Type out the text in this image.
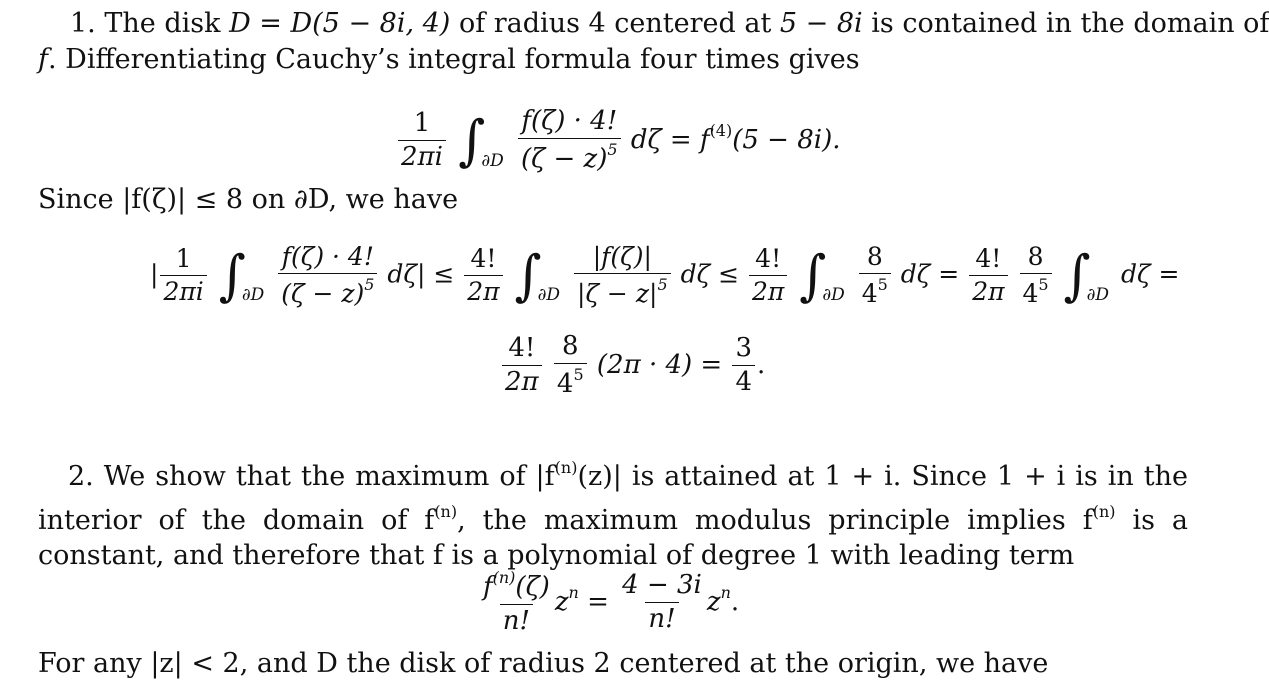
1. The disk D = D(5 − 8i, 4) of radius 4 centered at 5 − 8i is contained in the domain of
f. Differentiating Cauchy’s integral formula four times gives
$\frac{1}{2\pi i} \int_{\partial D} \frac{f(\zeta) \cdot 4!}{(\zeta - z)^5}$ $d\zeta = f^{(4)}(5 - 8i)$.
Since |f(ζ)| ≤ 8 on ∂D, we have
| $\frac{1}{2\pi i} \int_{\partial D} \frac{f(\zeta) \cdot 4!}{(\zeta - z)^5} d\zeta| \le \frac{4!}{2\pi} \int_{\partial D} \frac{|f(\zeta)|}{|\zeta - z|^5}$ $d\zeta \le \frac{4!}{2\pi} \int_{\partial D} \frac{8}{4^5}$ $d\zeta = \frac{4!}{2\pi}$
$\frac{8}{4^5} \int_{\partial D}$ dζ =
$\frac{4!}{2\pi}$
$\frac{8}{4^5} (2\pi \cdot 4) = \frac{3}{4}$ .
2. We show that the maximum of $|f^{(n)}(z)|$ is attained at 1 + i. Since 1 + i is in the interior of the domain of $f^{(n)}$, the maximum modulus principle implies $f^{(n)}$ is a constant, and therefore that f is a polynomial of degree 1 with leading term
$\frac{f^{(n)}(\zeta)}{n!} z^n = \frac{4 - 3i}{n!} z^n$.
For any |z| < 2, and D the disk of radius 2 centered at the origin, we have
